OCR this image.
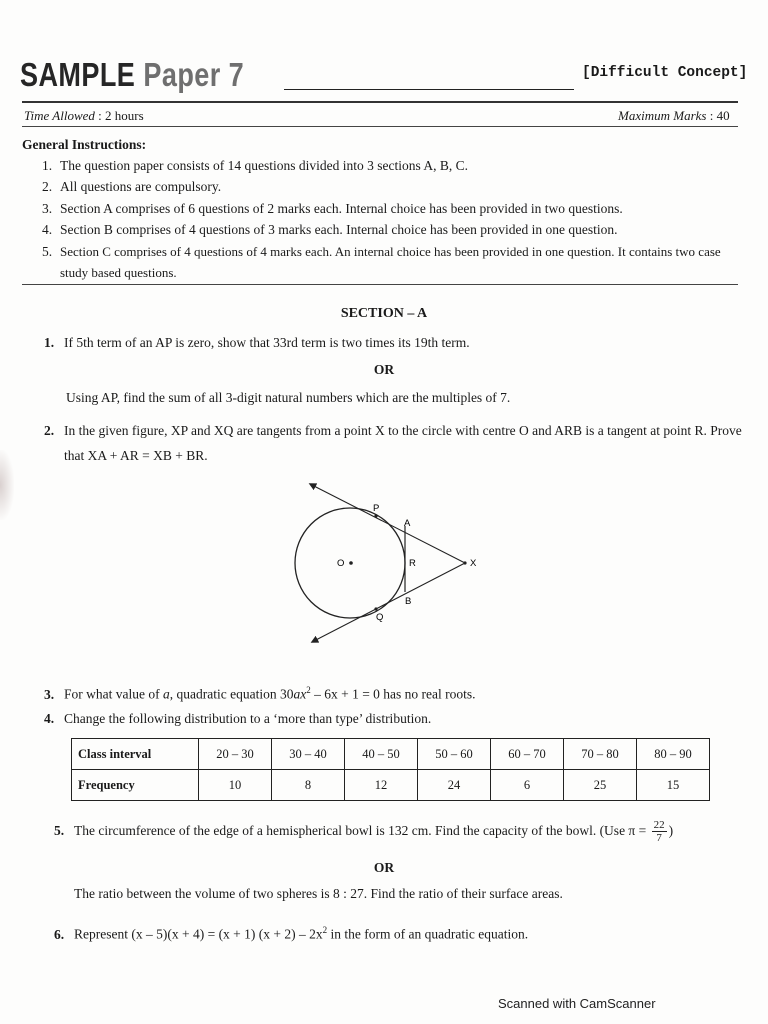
SAMPLE Paper 7	[Difficult Concept]
Time Allowed : 2 hours	Maximum Marks : 40
General Instructions:
1. The question paper consists of 14 questions divided into 3 sections A, B, C.
2. All questions are compulsory.
3. Section A comprises of 6 questions of 2 marks each. Internal choice has been provided in two questions.
4. Section B comprises of 4 questions of 3 marks each. Internal choice has been provided in one question.
5. Section C comprises of 4 questions of 4 marks each. An internal choice has been provided in one question. It contains two case study based questions.
SECTION – A
1. If 5th term of an AP is zero, show that 33rd term is two times its 19th term.
OR
Using AP, find the sum of all 3-digit natural numbers which are the multiples of 7.
2. In the given figure, XP and XQ are tangents from a point X to the circle with centre O and ARB is a tangent at point R. Prove that XA + AR = XB + BR.
P
A
R	X
B
Q
O
3. For what value of a, quadratic equation $30ax^2 - 6x + 1 = 0$ has no real roots.
4. Change the following distribution to a ‘more than type’ distribution.
Class interval	20 – 30	30 – 40	40 – 50	50 – 60	60 – 70	70 – 80	80 – 90
Frequency	10	8	12	24	6	25	15
5. The circumference of the edge of a hemispherical bowl is 132 cm. Find the capacity of the bowl. (Use $\pi = \frac{22}{7}$ )
OR
The ratio between the volume of two spheres is 8 : 27. Find the ratio of their surface areas.
6. Represent (x – 5)(x + 4) = (x + 1) $(x + 2) - 2x^2$ in the form of an quadratic equation.
Scanned with CamScanner
